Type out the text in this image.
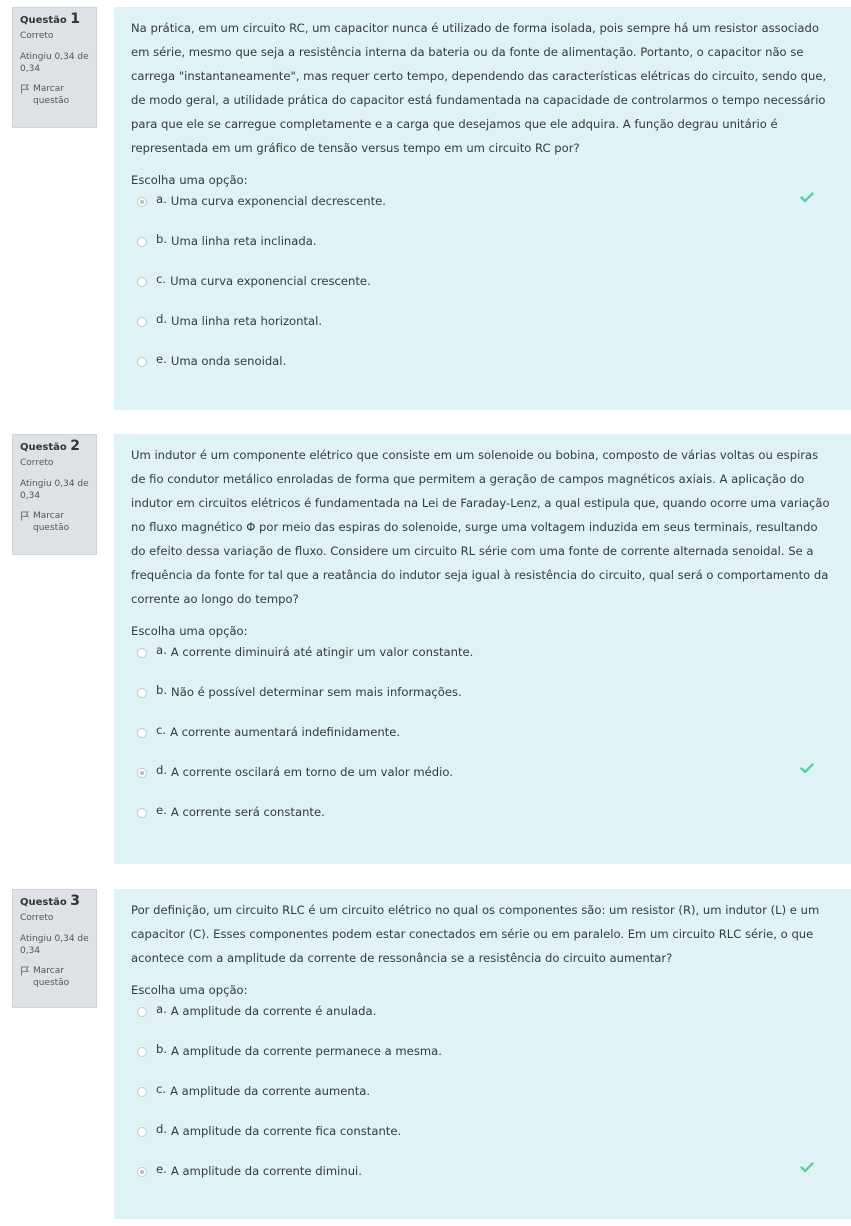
Questão 1
Correto
Atingiu 0,34 de 0,34
Marcar questão

Na prática, em um circuito RC, um capacitor nunca é utilizado de forma isolada, pois sempre há um resistor associado em série, mesmo que seja a resistência interna da bateria ou da fonte de alimentação. Portanto, o capacitor não se carrega "instantaneamente", mas requer certo tempo, dependendo das características elétricas do circuito, sendo que, de modo geral, a utilidade prática do capacitor está fundamentada na capacidade de controlarmos o tempo necessário para que ele se carregue completamente e a carga que desejamos que ele adquira. A função degrau unitário é representada em um gráfico de tensão versus tempo em um circuito RC por?

Escolha uma opção:
a. Uma curva exponencial decrescente.
b. Uma linha reta inclinada.
c. Uma curva exponencial crescente.
d. Uma linha reta horizontal.
e. Uma onda senoidal.
Questão 2
Correto
Atingiu 0,34 de 0,34
Marcar questão

Um indutor é um componente elétrico que consiste em um solenoide ou bobina, composto de várias voltas ou espiras de fio condutor metálico enroladas de forma que permitem a geração de campos magnéticos axiais. A aplicação do indutor em circuitos elétricos é fundamentada na Lei de Faraday-Lenz, a qual estipula que, quando ocorre uma variação no fluxo magnético Φ por meio das espiras do solenoide, surge uma voltagem induzida em seus terminais, resultando do efeito dessa variação de fluxo. Considere um circuito RL série com uma fonte de corrente alternada senoidal. Se a frequência da fonte for tal que a reatância do indutor seja igual à resistência do circuito, qual será o comportamento da corrente ao longo do tempo?

Escolha uma opção:
a. A corrente diminuirá até atingir um valor constante.
b. Não é possível determinar sem mais informações.
c. A corrente aumentará indefinidamente.
d. A corrente oscilará em torno de um valor médio.
e. A corrente será constante.
Questão 3
Correto
Atingiu 0,34 de 0,34
Marcar questão

Por definição, um circuito RLC é um circuito elétrico no qual os componentes são: um resistor (R), um indutor (L) e um capacitor (C). Esses componentes podem estar conectados em série ou em paralelo. Em um circuito RLC série, o que acontece com a amplitude da corrente de ressonância se a resistência do circuito aumentar?

Escolha uma opção:
a. A amplitude da corrente é anulada.
b. A amplitude da corrente permanece a mesma.
c. A amplitude da corrente aumenta.
d. A amplitude da corrente fica constante.
e. A amplitude da corrente diminui.
